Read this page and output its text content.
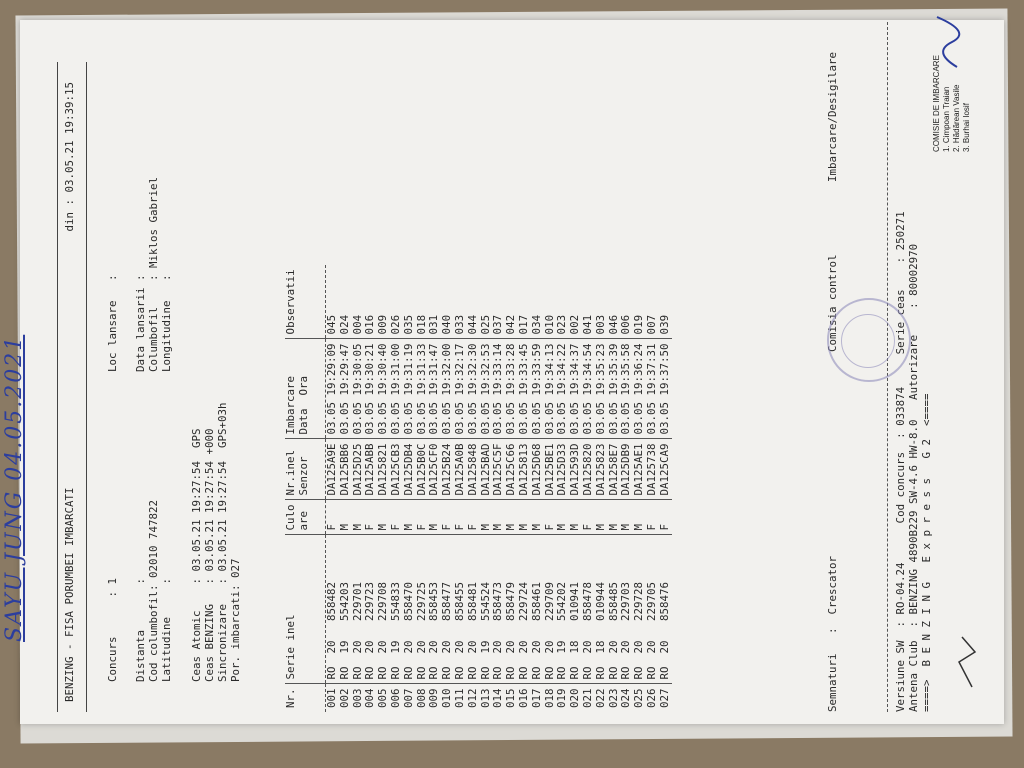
SAYU JUNG 04.05.2021	BENZING - FISA PORUMBEI IMBARCATI
din : 03.05.21 19:39:15
Concurs      : 1
Loc lansare   :
Distanta       :
Cod columbofil: 02010 747822
Latitudine     :
Data lansarii :
Columbofil    : Miklos Gabriel
Longitudine   :
Ceas Atomic    : 03.05.21 19:27:54  GPS
Ceas BENZING   : 03.05.21 19:27:54 +000
Sincronizare   : 03.05.21 19:27:54  GPS+03h
Por. imbarcati: 027
Nr.	Serie inel	Culo
are	Nr.inel
Senzor	Imbarcare
Data  Ora	Observatii
001	RO  20   858482	F	DA125A9E	03.05 19:29:09	045
002	RO  19   554203	M	DA125BB6	03.05 19:29:47	024
003	RO  20   229701	M	DA125D25	03.05 19:30:05	004
004	RO  20   229723	F	DA125ABB	03.05 19:30:21	016
005	RO  20   229708	M	DA125821	03.05 19:30:40	009
006	RO  19   554833	F	DA125CB3	03.05 19:31:00	026
007	RO  20   858470	M	DA125DB4	03.05 19:31:19	035
008	RO  20   229725	F	DA125B0C	03.05 19:31:33	018
009	RO  20   858453	M	DA125CF0	03.05 19:31:47	031
010	RO  20   858477	F	DA125B24	03.05 19:32:00	040
011	RO  20   858455	F	DA125A0B	03.05 19:32:17	033
012	RO  20   858481	F	DA125848	03.05 19:32:30	044
013	RO  19   554524	M	DA125BAD	03.05 19:32:53	025
014	RO  20   858473	M	DA125C5F	03.05 19:33:14	037
015	RO  20   858479	M	DA125C66	03.05 19:33:28	042
016	RO  20   229724	M	DA125813	03.05 19:33:45	017
017	RO  20   858461	M	DA125D68	03.05 19:33:59	034
018	RO  20   229709	F	DA125BE1	03.05 19:34:13	010
019	RO  19   554202	M	DA125D33	03.05 19:34:22	023
020	RO  18   010941	M	DA12593D	03.05 19:34:37	002
021	RO  20   858478	F	DA125820	03.05 19:34:54	041
022	RO  18   010944	M	DA125823	03.05 19:35:23	003
023	RO  20   858485	M	DA1258E7	03.05 19:35:39	046
024	RO  20   229703	M	DA125DB9	03.05 19:35:58	006
025	RO  20   229728	M	DA125AE1	03.05 19:36:24	019
026	RO  20   229705	F	DA125738	03.05 19:37:31	007
027	RO  20   858476	F	DA125CA9	03.05 19:37:50	039
Semnaturi   :  Crescator
Comisia control
Imbarcare/Desigilare
Versiune SW  : RO-04.24      Cod concurs  : 033874     Serie ceas    : 250271
Antena Club  : BENZING 4890B229 SW-4.6 HW-8.0   Autorizare    : 80002970
====>  B E N Z I N G   E x p r e s s   G 2  <====
COMISIE DE IMBARCARE
1. Cimpoan Traian
2. Hădărean Vasile
3. Burhai Iosif
